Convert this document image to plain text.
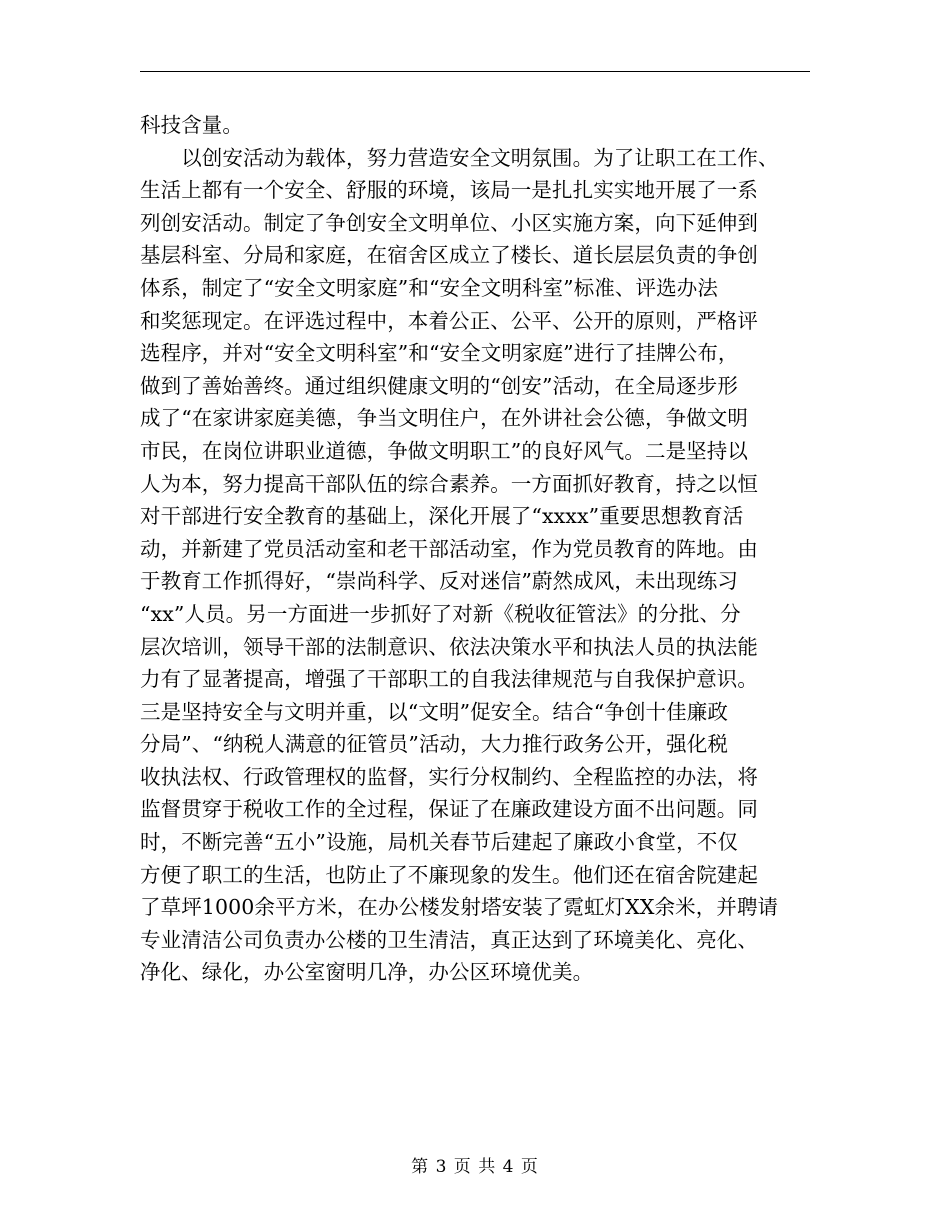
科技含量。
　　以创安活动为载体，努力营造安全文明氛围。为了让职工在工作、
生活上都有一个安全、舒服的环境，该局一是扎扎实实地开展了一系
列创安活动。制定了争创安全文明单位、小区实施方案，向下延伸到
基层科室、分局和家庭，在宿舍区成立了楼长、道长层层负责的争创
体系，制定了“安全文明家庭”和“安全文明科室”标准、评选办法
和奖惩现定。在评选过程中，本着公正、公平、公开的原则，严格评
选程序，并对“安全文明科室”和“安全文明家庭”进行了挂牌公布，
做到了善始善终。通过组织健康文明的“创安”活动，在全局逐步形
成了“在家讲家庭美德，争当文明住户，在外讲社会公德，争做文明
市民，在岗位讲职业道德，争做文明职工”的良好风气。二是坚持以
人为本，努力提高干部队伍的综合素养。一方面抓好教育，持之以恒
对干部进行安全教育的基础上，深化开展了“xxxx”重要思想教育活
动，并新建了党员活动室和老干部活动室，作为党员教育的阵地。由
于教育工作抓得好，“崇尚科学、反对迷信”蔚然成风，未出现练习
“xx”人员。另一方面进一步抓好了对新《税收征管法》的分批、分
层次培训，领导干部的法制意识、依法决策水平和执法人员的执法能
力有了显著提高，增强了干部职工的自我法律规范与自我保护意识。
三是坚持安全与文明并重，以“文明”促安全。结合“争创十佳廉政
分局”、“纳税人满意的征管员”活动，大力推行政务公开，强化税
收执法权、行政管理权的监督，实行分权制约、全程监控的办法，将
监督贯穿于税收工作的全过程，保证了在廉政建设方面不出问题。同
时，不断完善“五小”设施，局机关春节后建起了廉政小食堂，不仅
方便了职工的生活，也防止了不廉现象的发生。他们还在宿舍院建起
了草坪1000余平方米，在办公楼发射塔安装了霓虹灯XX余米，并聘请
专业清洁公司负责办公楼的卫生清洁，真正达到了环境美化、亮化、
净化、绿化，办公室窗明几净，办公区环境优美。
第 3 页 共 4 页
